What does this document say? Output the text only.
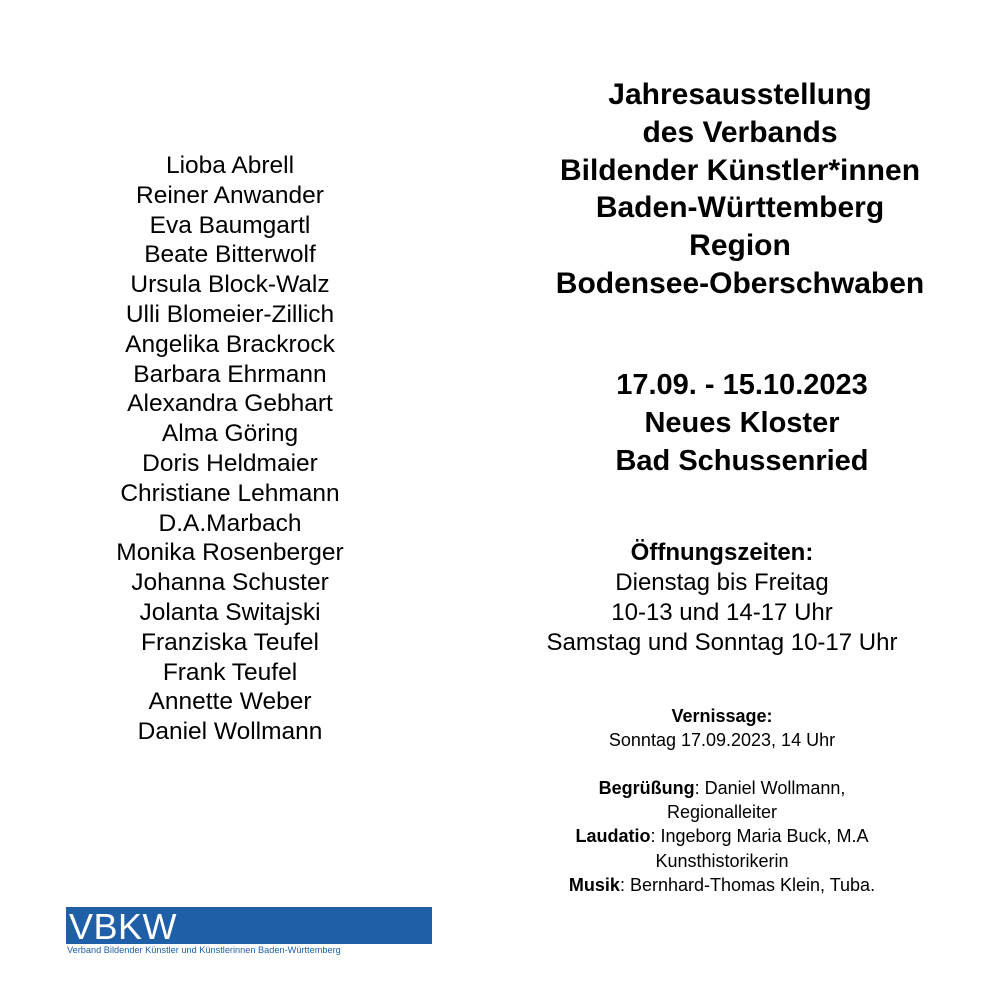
Lioba Abrell
Reiner Anwander
Eva Baumgartl
Beate Bitterwolf
Ursula Block-Walz
Ulli Blomeier-Zillich
Angelika Brackrock
Barbara Ehrmann
Alexandra Gebhart
Alma Göring
Doris Heldmaier
Christiane Lehmann
D.A.Marbach
Monika Rosenberger
Johanna Schuster
Jolanta Switajski
Franziska Teufel
Frank Teufel
Annette Weber
Daniel Wollmann
Jahresausstellung
des Verbands
Bildender Künstler*innen
Baden-Württemberg
Region
Bodensee-Oberschwaben
17.09. - 15.10.2023
Neues Kloster
Bad Schussenried
Öffnungszeiten:
Dienstag bis Freitag
10-13 und 14-17 Uhr
Samstag und Sonntag 10-17 Uhr
Vernissage:
Sonntag 17.09.2023, 14 Uhr
Begrüßung: Daniel Wollmann,
Regionalleiter
Laudatio: Ingeborg Maria Buck, M.A
Kunsthistorikerin
Musik: Bernhard-Thomas Klein, Tuba.
VBKW
Verband Bildender Künstler und Künstlerinnen Baden-Württemberg
